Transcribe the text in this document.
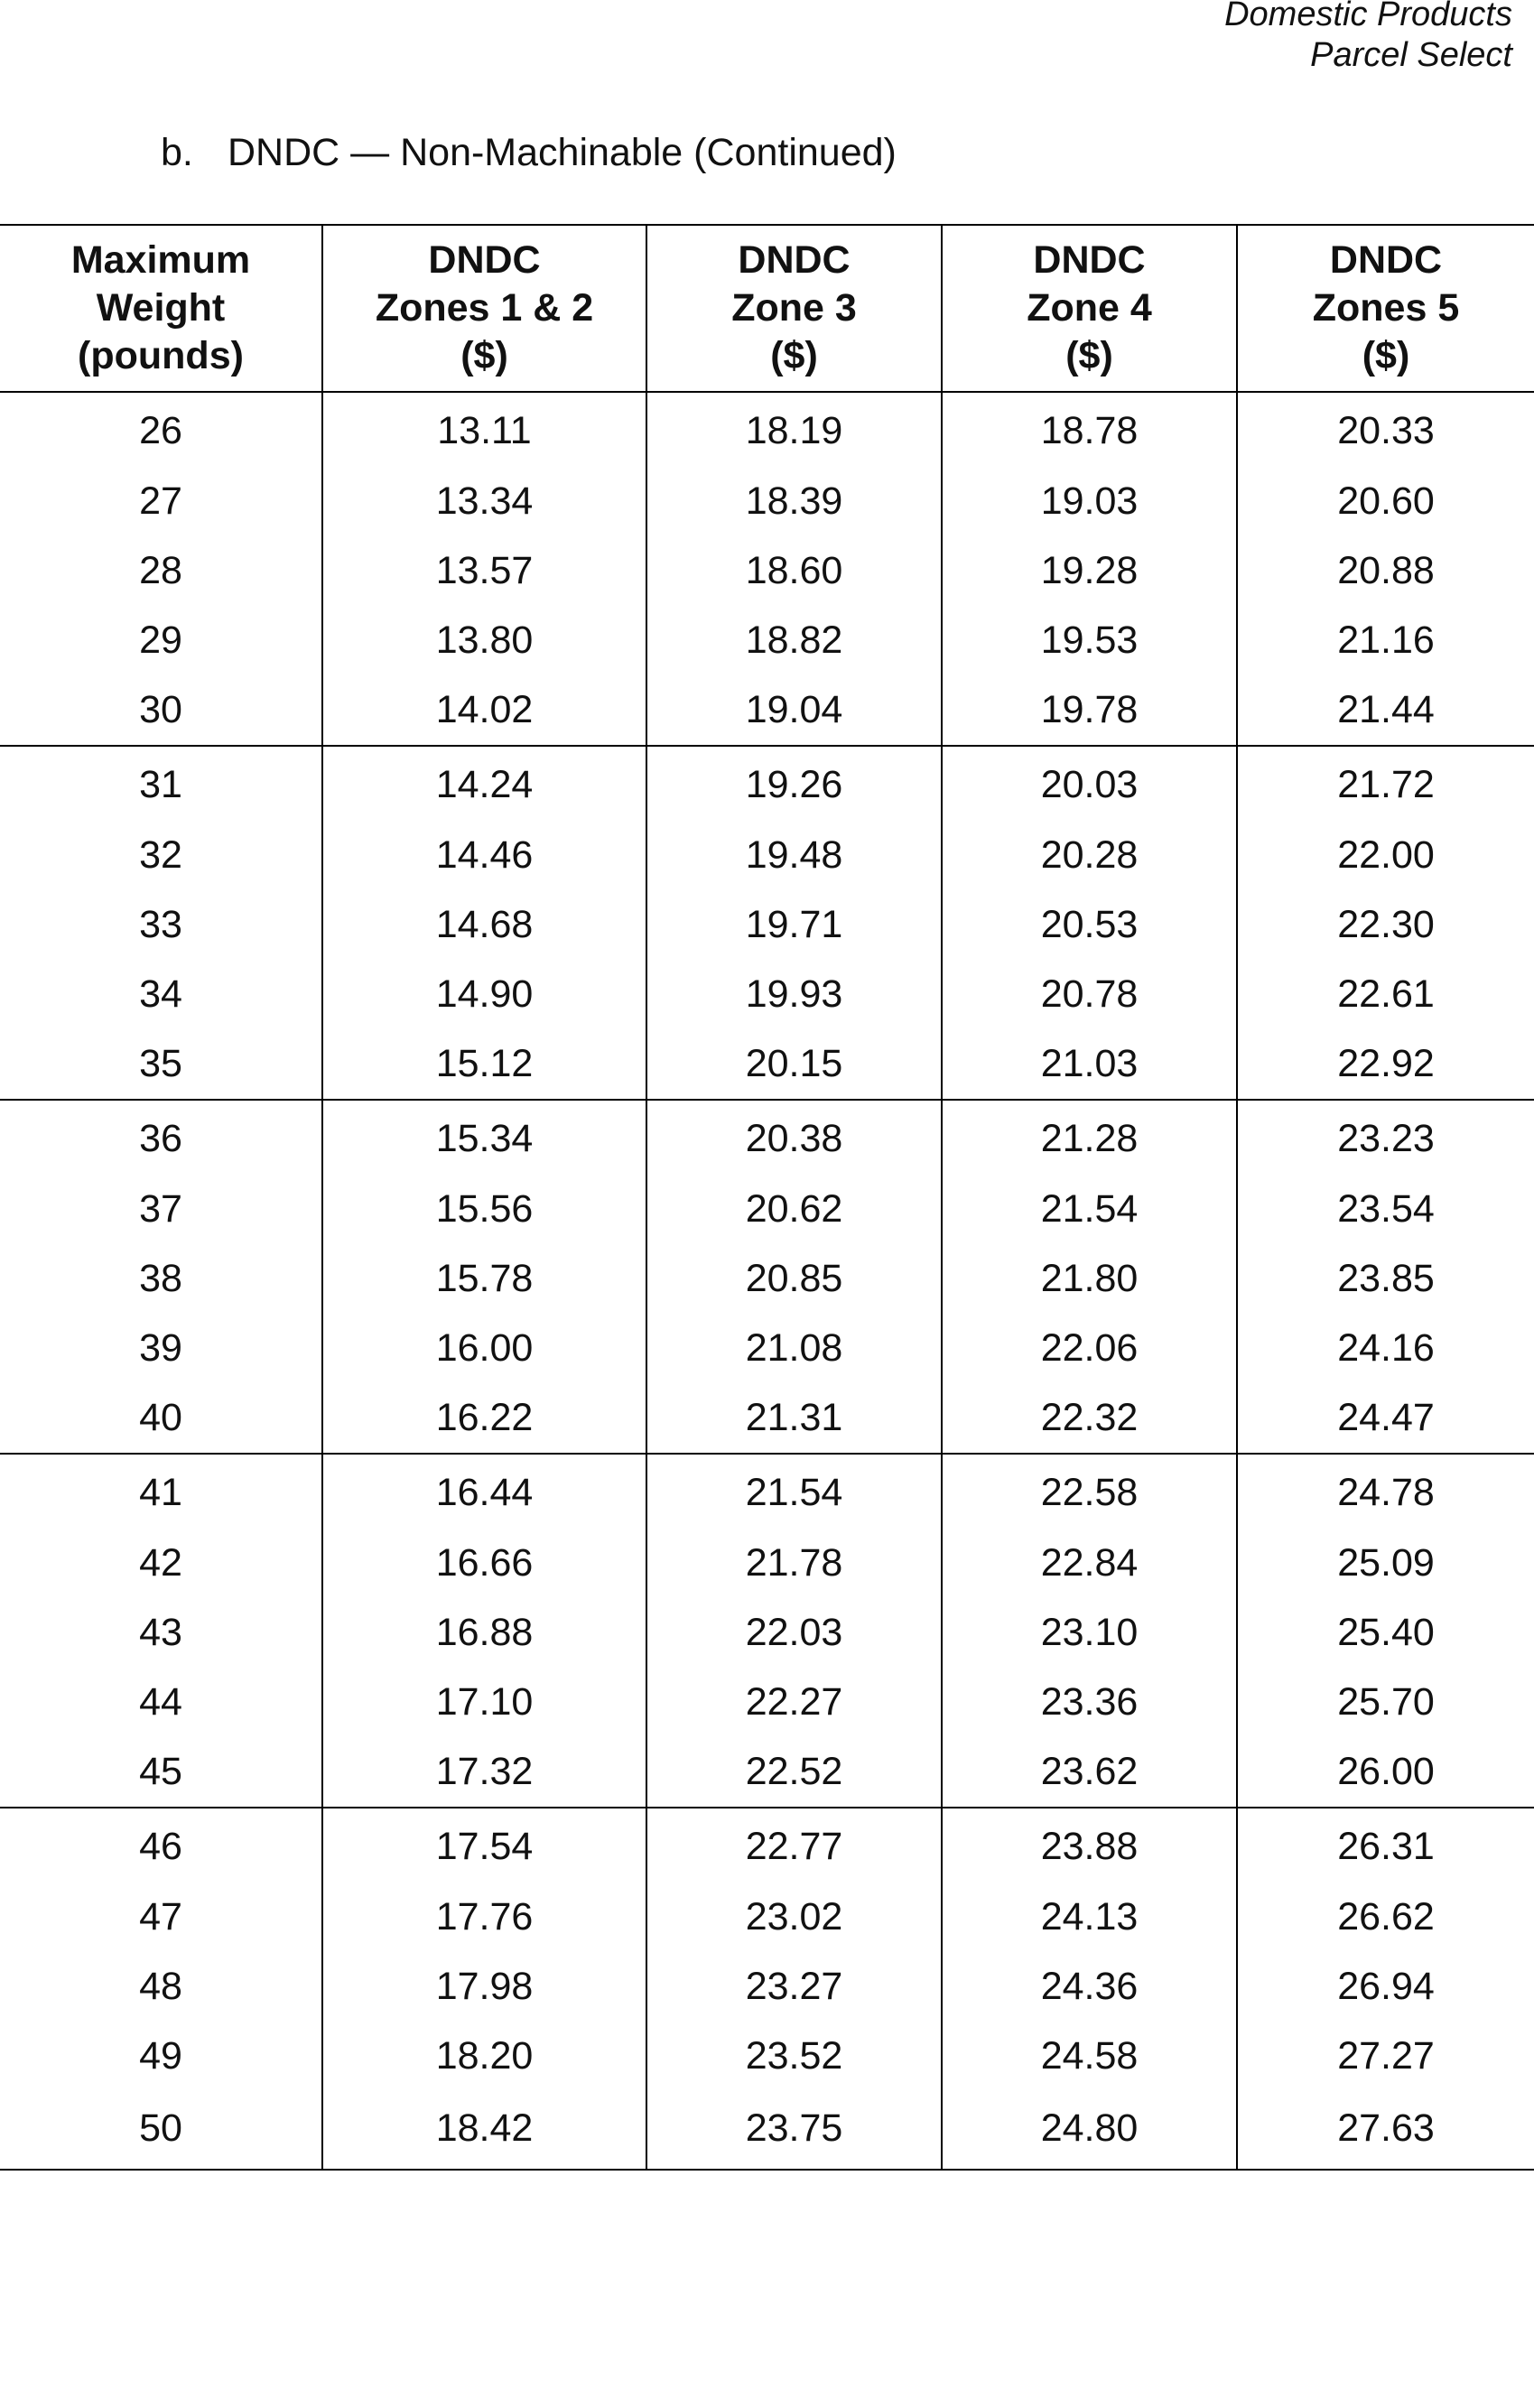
Domestic Products
Parcel Select
b. DNDC — Non-Machinable (Continued)
Maximum
Weight
(pounds)	DNDC
Zones 1 & 2
($)	DNDC
Zone 3
($)	DNDC
Zone 4
($)	DNDC
Zones 5
($)

26	13.11	18.19	18.78	20.33
27	13.34	18.39	19.03	20.60
28	13.57	18.60	19.28	20.88
29	13.80	18.82	19.53	21.16
30	14.02	19.04	19.78	21.44
31	14.24	19.26	20.03	21.72
32	14.46	19.48	20.28	22.00
33	14.68	19.71	20.53	22.30
34	14.90	19.93	20.78	22.61
35	15.12	20.15	21.03	22.92
36	15.34	20.38	21.28	23.23
37	15.56	20.62	21.54	23.54
38	15.78	20.85	21.80	23.85
39	16.00	21.08	22.06	24.16
40	16.22	21.31	22.32	24.47
41	16.44	21.54	22.58	24.78
42	16.66	21.78	22.84	25.09
43	16.88	22.03	23.10	25.40
44	17.10	22.27	23.36	25.70
45	17.32	22.52	23.62	26.00
46	17.54	22.77	23.88	26.31
47	17.76	23.02	24.13	26.62
48	17.98	23.27	24.36	26.94
49	18.20	23.52	24.58	27.27
50	18.42	23.75	24.80	27.63
